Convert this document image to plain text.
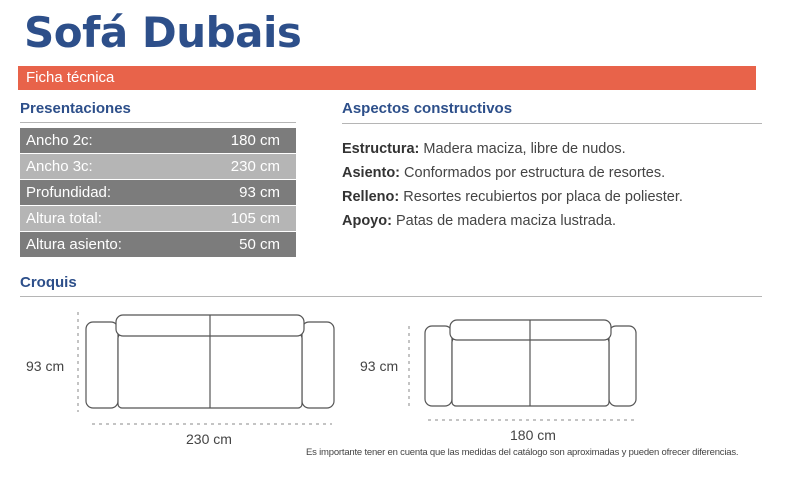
Sofá Dubais
Ficha técnica
Presentaciones
Ancho 2c:	180 cm
Ancho 3c:	230 cm
Profundidad:	93 cm
Altura total:	105 cm
Altura asiento:	50 cm
Aspectos constructivos
Estructura: Madera maciza, libre de nudos.
Asiento: Conformados por estructura de resortes.
Relleno: Resortes recubiertos por placa de poliester.
Apoyo: Patas de madera maciza lustrada.
Croquis
93 cm
230 cm
93 cm
180 cm
Es importante tener en cuenta que las medidas del catálogo son aproximadas y pueden ofrecer diferencias.
